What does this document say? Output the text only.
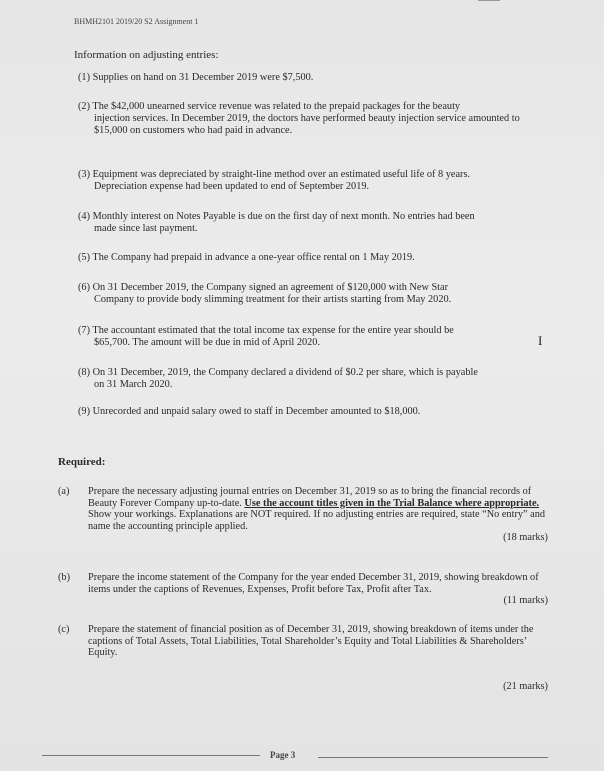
BHMH2101 2019/20 S2 Assignment 1
Information on adjusting entries:
(1) Supplies on hand on 31 December 2019 were $7,500.
(2) The $42,000 unearned service revenue was related to the prepaid packages for the beauty
injection services. In December 2019, the doctors have performed beauty injection service amounted to $15,000 on customers who had paid in advance.
(3) Equipment was depreciated by straight-line method over an estimated useful life of 8 years.
Depreciation expense had been updated to end of September 2019.
(4) Monthly interest on Notes Payable is due on the first day of next month. No entries had been
made since last payment.
(5) The Company had prepaid in advance a one-year office rental on 1 May 2019.
(6) On 31 December 2019, the Company signed an agreement of $120,000 with New Star
Company to provide body slimming treatment for their artists starting from May 2020.
(7) The accountant estimated that the total income tax expense for the entire year should be
$65,700. The amount will be due in mid of April 2020.
(8) On 31 December, 2019, the Company declared a dividend of $0.2 per share, which is payable
on 31 March 2020.
(9) Unrecorded and unpaid salary owed to staff in December amounted to $18,000.
I
Required:
(a)	Prepare the necessary adjusting journal entries on December 31, 2019 so as to bring the financial records of Beauty Forever Company up-to-date. Use the account titles given in the Trial Balance where appropriate. Show your workings. Explanations are NOT required. If no adjusting entries are required, state “No entry” and name the accounting principle applied.
(18 marks)
(b)	Prepare the income statement of the Company for the year ended December 31, 2019, showing breakdown of items under the captions of Revenues, Expenses, Profit before Tax, Profit after Tax.
(11 marks)
(c)	Prepare the statement of financial position as of December 31, 2019, showing breakdown of items under the captions of Total Assets, Total Liabilities, Total Shareholder’s Equity and Total Liabilities & Shareholders’ Equity.
(21 marks)
Page 3
